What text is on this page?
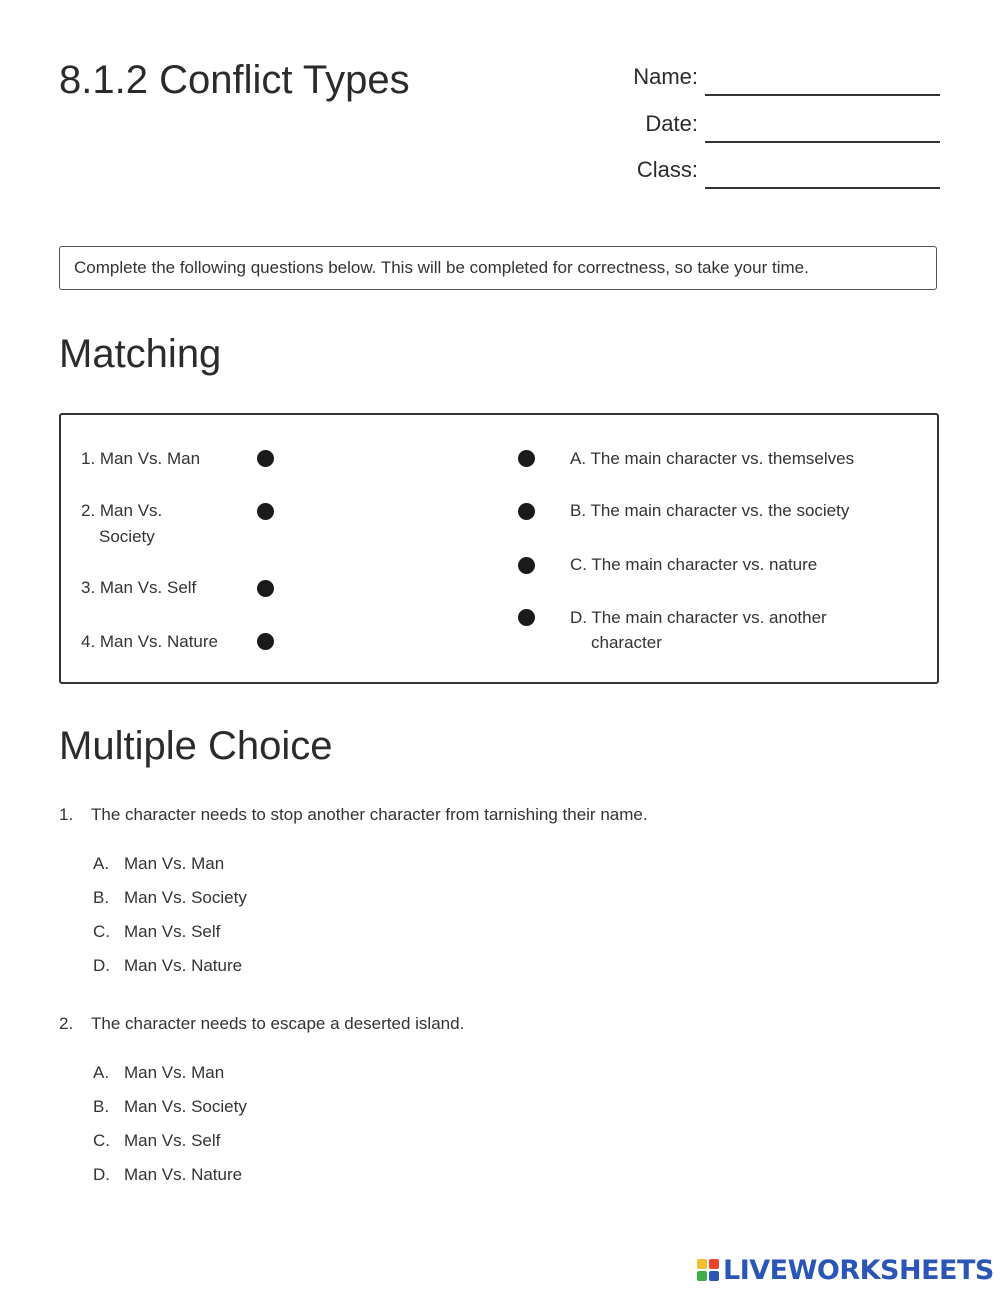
8.1.2 Conflict Types	Name:
Date:
Class:
Complete the following questions below. This will be completed for correctness, so take your time.
Matching
1. Man Vs. Man
2. Man Vs.
Society
3. Man Vs. Self
4. Man Vs. Nature
A. The main character vs. themselves
B. The main character vs. the society
C. The main character vs. nature
D. The main character vs. another
character
Multiple Choice
1. The character needs to stop another character from tarnishing their name.
A. Man Vs. Man
B. Man Vs. Society
C. Man Vs. Self
D. Man Vs. Nature
2. The character needs to escape a deserted island.
A. Man Vs. Man
B. Man Vs. Society
C. Man Vs. Self
D. Man Vs. Nature
LIVEWORKSHEETS
